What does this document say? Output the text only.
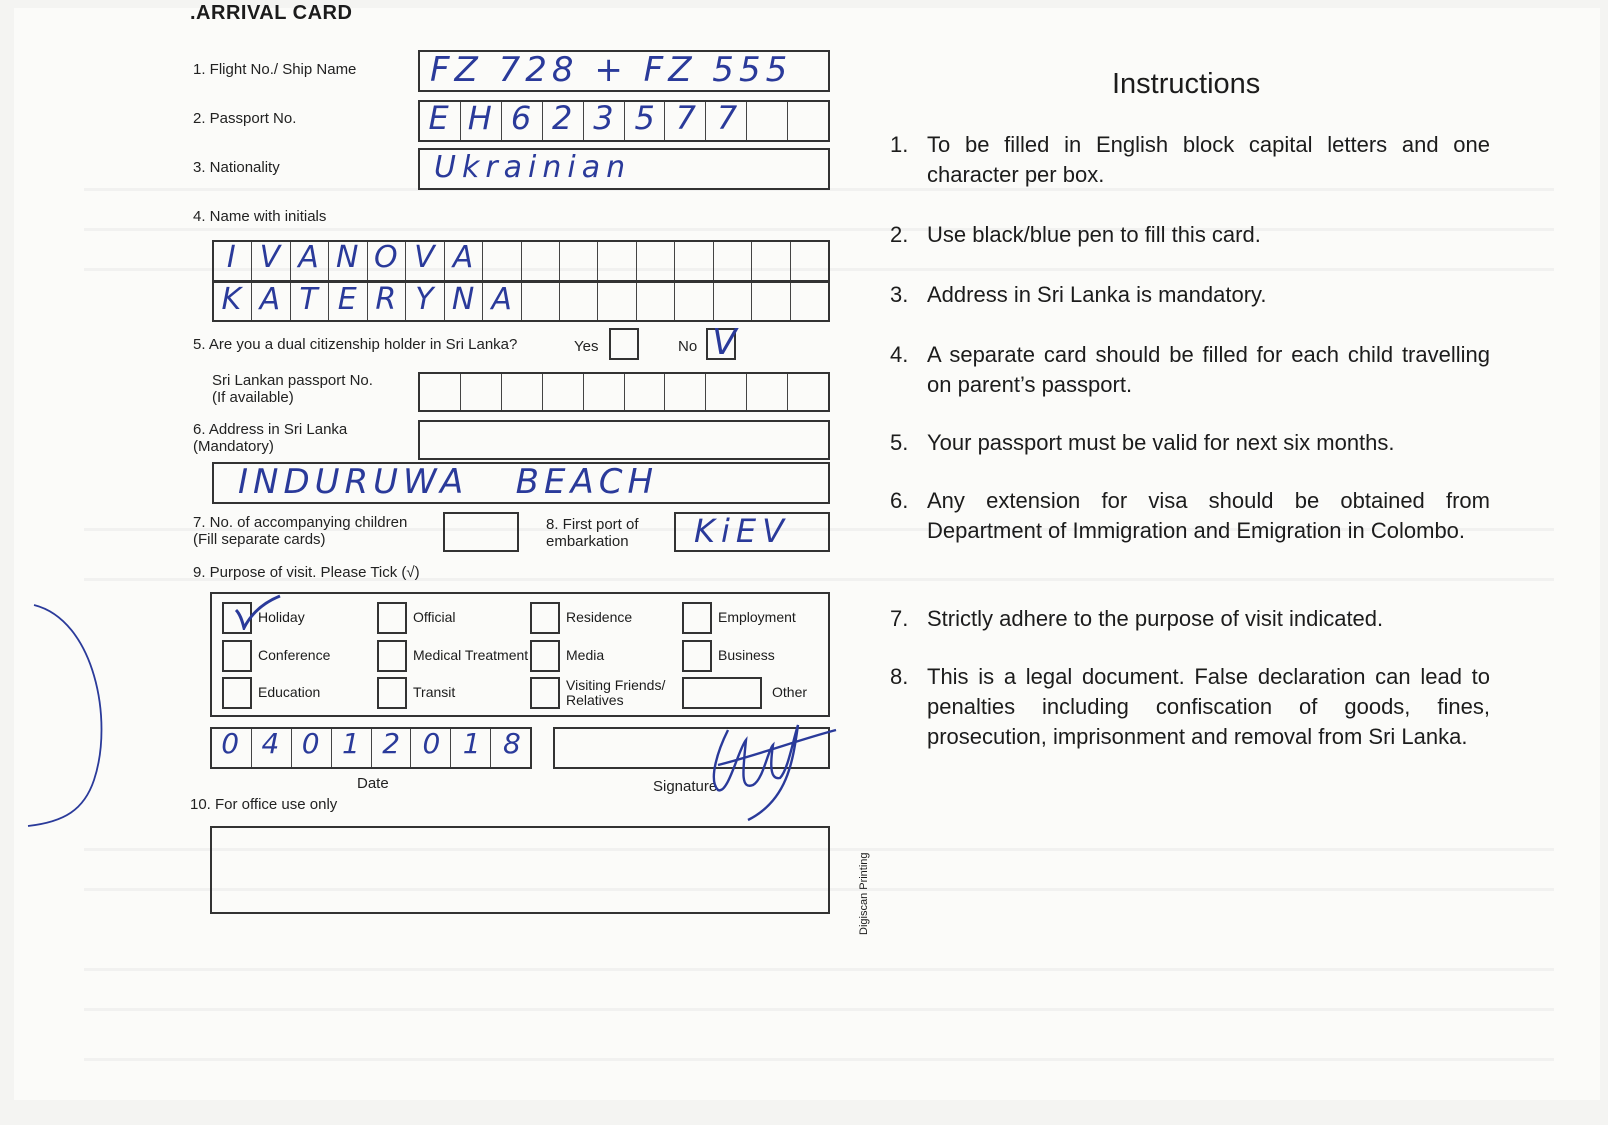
.ARRIVAL CARD
1. Flight No./ Ship Name FZ 728 + FZ 555
2. Passport No.	E H 6 2 3 5 7 7
3. Nationality	Ukrainian
4. Name with initials
I V A N O V A
K A T E R Y N A
5. Are you a dual citizenship holder in Sri Lanka?	Yes	No V
Sri Lankan passport No.
(If available)
6. Address in Sri Lanka
(Mandatory)
INDURUWA   BEACH
7. No. of accompanying children
(Fill separate cards)
8. First port of
embarkation	KiEV
9. Purpose of visit. Please Tick (√)
Holiday	Official	Residence	Employment
Conference	Medical Treatment	Media	Business
Education	Transit	Visiting Friends/
Relatives	Other
0 4 0 1 2 0 1 8
Date	Signature
10. For office use only
Digiscan Printing
Instructions
1. To be filled in English block capital letters and one character per box.
2. Use black/blue pen to fill this card.
3. Address in Sri Lanka is mandatory.
4. A separate card should be filled for each child travelling on parent’s passport.
5. Your passport must be valid for next six months.
6. Any extension for visa should be obtained from Department of Immigration and Emigration in Colombo.
7. Strictly adhere to the purpose of visit indicated.
8. This is a legal document. False declaration can lead to penalties including confiscation of goods, fines, prosecution, imprisonment and removal from Sri Lanka.
